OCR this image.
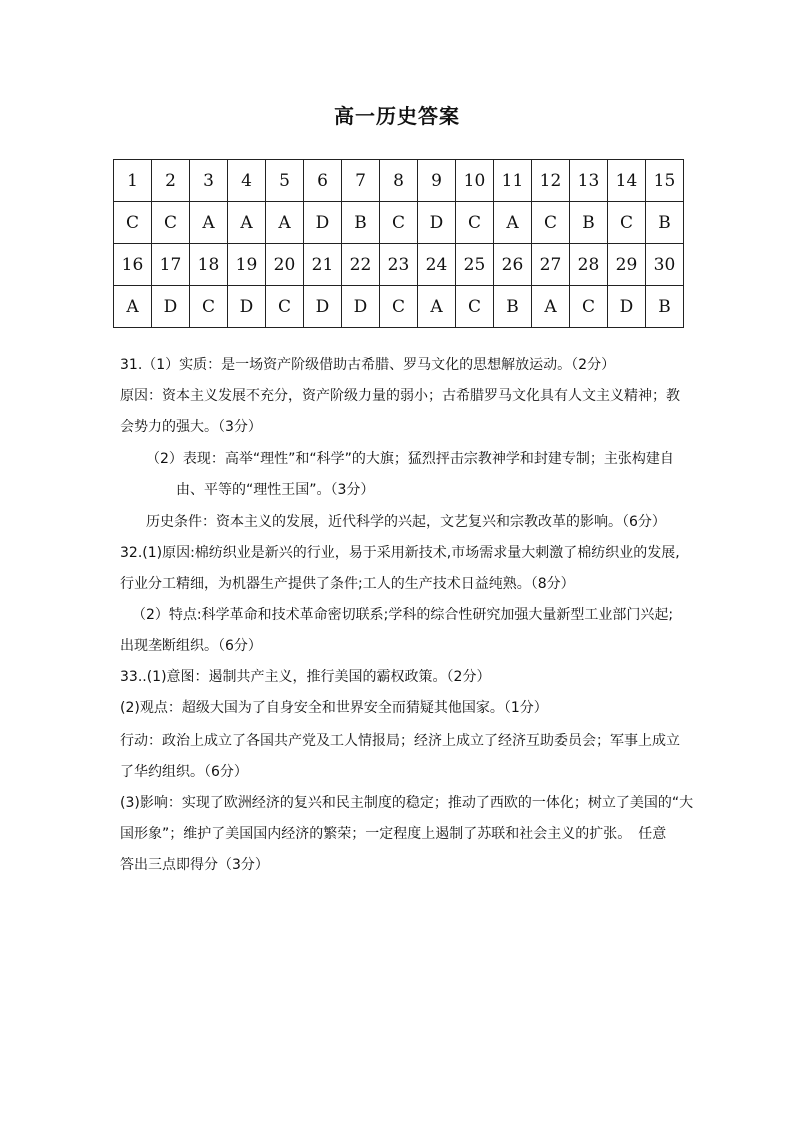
高一历史答案
1	2	3	4	5	6	7	8	9	10	11	12	13	14	15
C	C	A	A	A	D	B	C	D	C	A	C	B	C	B
16	17	18	19	20	21	22	23	24	25	26	27	28	29	30
A	D	C	D	C	D	D	C	A	C	B	A	C	D	B
31.（1）实质：是一场资产阶级借助古希腊、罗马文化的思想解放运动。（2分）
原因：资本主义发展不充分，资产阶级力量的弱小；古希腊罗马文化具有人文主义精神；教
会势力的强大。（3分）
（2）表现：高举“理性”和“科学”的大旗；猛烈抨击宗教神学和封建专制；主张构建自
由、平等的“理性王国”。（3分）
历史条件：资本主义的发展，近代科学的兴起，文艺复兴和宗教改革的影响。（6分）
32.(1)原因:棉纺织业是新兴的行业，易于采用新技术,市场需求量大刺激了棉纺织业的发展,
行业分工精细，为机器生产提供了条件;工人的生产技术日益纯熟。（8分）
（2）特点:科学革命和技术革命密切联系;学科的综合性研究加强大量新型工业部门兴起;
出现垄断组织。（6分）
33..(1)意图：遏制共产主义，推行美国的霸权政策。（2分）
(2)观点：超级大国为了自身安全和世界安全而猜疑其他国家。（1分）
行动：政治上成立了各国共产党及工人情报局；经济上成立了经济互助委员会；军事上成立
了华约组织。（6分）
(3)影响：实现了欧洲经济的复兴和民主制度的稳定；推动了西欧的一体化；树立了美国的“大
国形象”；维护了美国国内经济的繁荣；一定程度上遏制了苏联和社会主义的扩张。　任意
答出三点即得分（3分）
